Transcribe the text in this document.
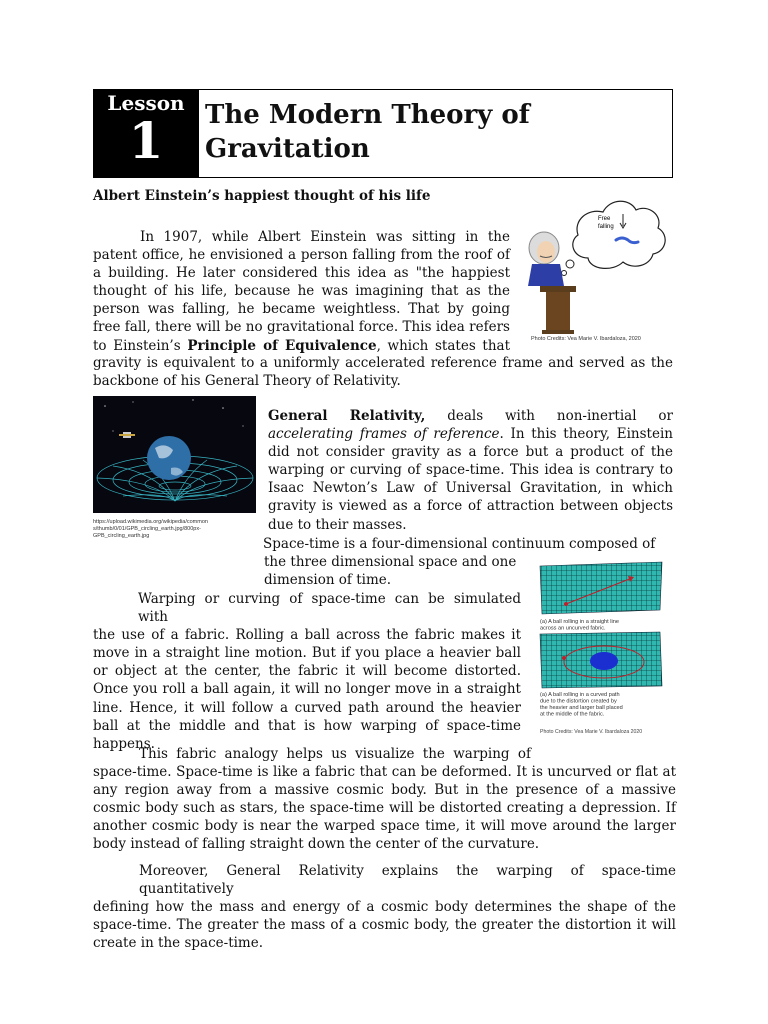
Lesson
1	The Modern Theory of
Gravitation
Albert Einstein’s happiest thought of his life
In 1907, while Albert Einstein was sitting in the
patent office, he envisioned a person falling from the roof of
a building. He later considered this idea as "the happiest
thought of his life, because he was imagining that as the
person was falling, he became weightless. That by going
free fall, there will be no gravitational force. This idea refers
to Einstein’s Principle of Equivalence, which states that
gravity is equivalent to a uniformly accelerated reference frame and served as the
backbone of his General Theory of Relativity.
Free
falling
Photo Credits: Vea Marie V. Ibardaloza, 2020
https://upload.wikimedia.org/wikipedia/common
s/thumb/0/01/GPB_circling_earth.jpg/800px-
GPB_circling_earth.jpg
General Relativity, deals with non-inertial or
accelerating frames of reference. In this theory, Einstein
did not consider gravity as a force but a product of the
warping or curving of space-time. This idea is contrary to
Isaac Newton’s Law of Universal Gravitation, in which
gravity is viewed as a force of attraction between objects
due to their masses.
Space-time is a four-dimensional continuum composed of
the three dimensional space and one
dimension of time.
(a) A ball rolling in a straight line
across an uncurved fabric.
(a) A ball rolling in a curved path
due to the distortion created by
the heavier and larger ball placed
at the middle of the fabric.
Photo Credits: Vea Marie V. Ibardaloza 2020
Warping or curving of space-time can be simulated with
the use of a fabric. Rolling a ball across the fabric makes it
move in a straight line motion. But if you place a heavier ball
or object at the center, the fabric it will become distorted.
Once you roll a ball again, it will no longer move in a straight
line. Hence, it will follow a curved path around the heavier
ball at the middle and that is how warping of space-time
happens.
This fabric analogy helps us visualize the warping of
space-time. Space-time is like a fabric that can be deformed. It is uncurved or flat at
any region away from a massive cosmic body. But in the presence of a massive
cosmic body such as stars, the space-time will be distorted creating a depression. If
another cosmic body is near the warped space time, it will move around the larger
body instead of falling straight down the center of the curvature.
Moreover, General Relativity explains the warping of space-time quantitatively
defining how the mass and energy of a cosmic body determines the shape of the
space-time. The greater the mass of a cosmic body, the greater the distortion it will
create in the space-time.
